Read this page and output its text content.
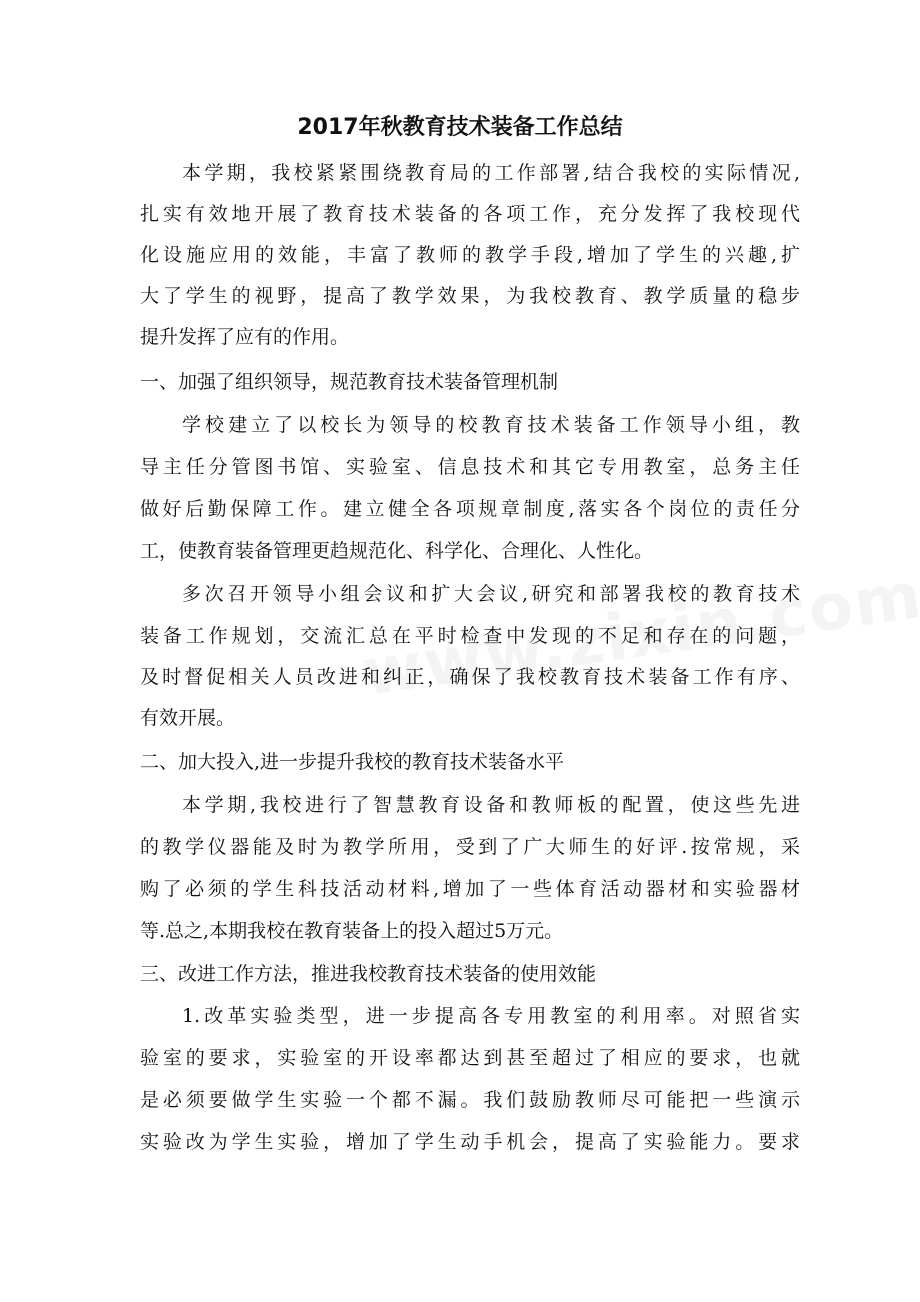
2017年秋教育技术装备工作总结
本学期，我校紧紧围绕教育局的工作部署,结合我校的实际情况,
扎实有效地开展了教育技术装备的各项工作，充分发挥了我校现代
化设施应用的效能，丰富了教师的教学手段,增加了学生的兴趣,扩
大了学生的视野，提高了教学效果，为我校教育、教学质量的稳步
提升发挥了应有的作用。
一、加强了组织领导，规范教育技术装备管理机制
学校建立了以校长为领导的校教育技术装备工作领导小组，教
导主任分管图书馆、实验室、信息技术和其它专用教室，总务主任
做好后勤保障工作。建立健全各项规章制度,落实各个岗位的责任分
工，使教育装备管理更趋规范化、科学化、合理化、人性化。
多次召开领导小组会议和扩大会议,研究和部署我校的教育技术
装备工作规划，交流汇总在平时检查中发现的不足和存在的问题，
及时督促相关人员改进和纠正，确保了我校教育技术装备工作有序、
有效开展。
二、加大投入,进一步提升我校的教育技术装备水平
本学期,我校进行了智慧教育设备和教师板的配置，使这些先进
的教学仪器能及时为教学所用，受到了广大师生的好评.按常规，采
购了必须的学生科技活动材料,增加了一些体育活动器材和实验器材
等.总之,本期我校在教育装备上的投入超过5万元。
三、改进工作方法，推进我校教育技术装备的使用效能
1.改革实验类型，进一步提高各专用教室的利用率。对照省实
验室的要求，实验室的开设率都达到甚至超过了相应的要求，也就
是必须要做学生实验一个都不漏。我们鼓励教师尽可能把一些演示
实验改为学生实验，增加了学生动手机会，提高了实验能力。要求
